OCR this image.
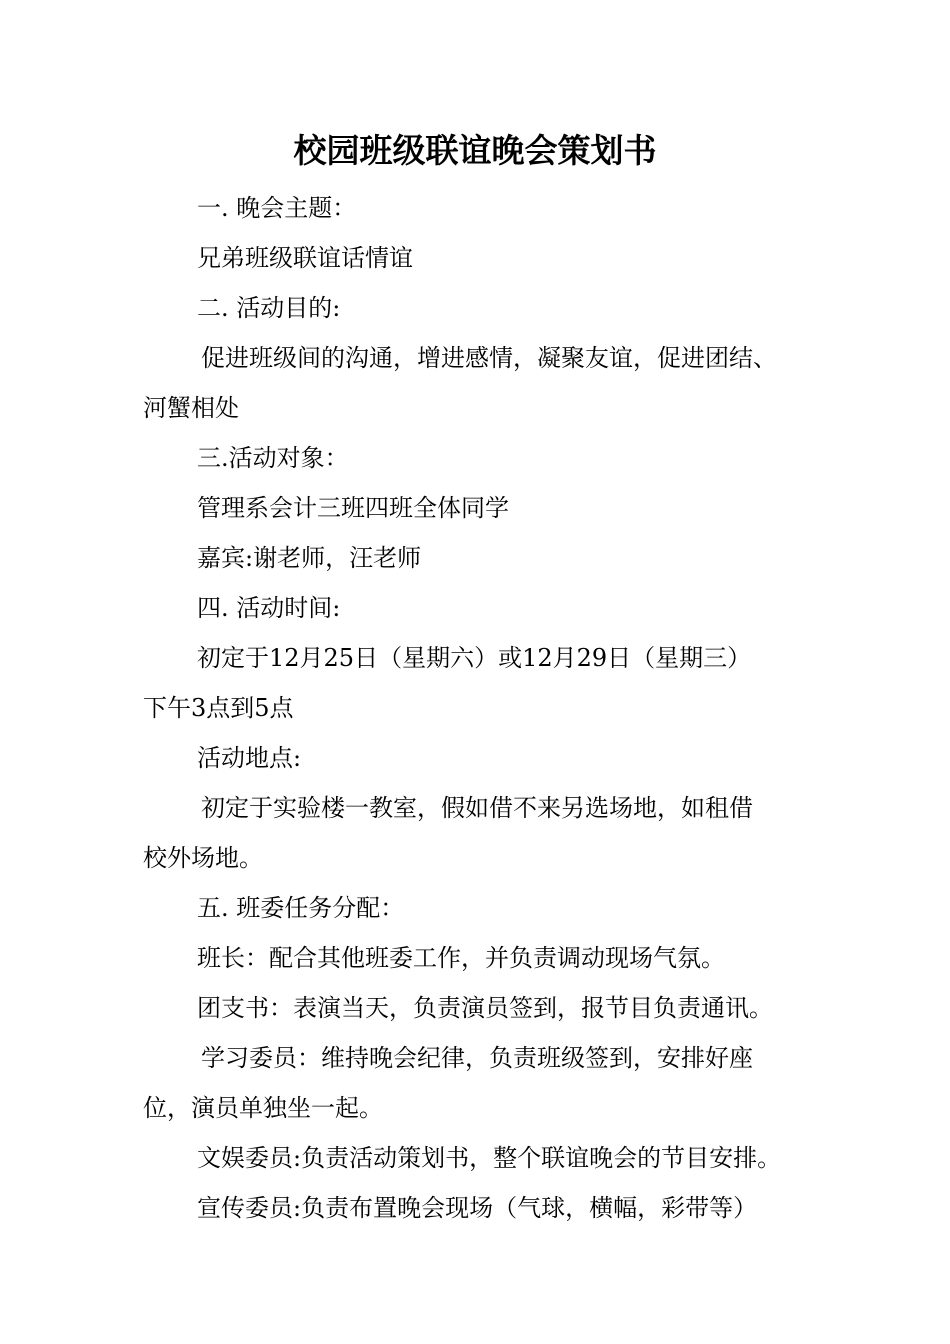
校园班级联谊晚会策划书
一. 晚会主题：
兄弟班级联谊话情谊
二. 活动目的:
促进班级间的沟通，增进感情，凝聚友谊，促进团结、
河蟹相处
三.活动对象：
管理系会计三班四班全体同学
嘉宾:谢老师，汪老师
四. 活动时间:
初定于12月25日（星期六）或12月29日（星期三）
下午3点到5点
活动地点:
初定于实验楼一教室，假如借不来另选场地，如租借
校外场地。
五. 班委任务分配：
班长：配合其他班委工作，并负责调动现场气氛。
团支书：表演当天，负责演员签到，报节目负责通讯。
学习委员：维持晚会纪律，负责班级签到，安排好座
位，演员单独坐一起。
文娱委员:负责活动策划书，整个联谊晚会的节目安排。
宣传委员:负责布置晚会现场（气球，横幅，彩带等）
